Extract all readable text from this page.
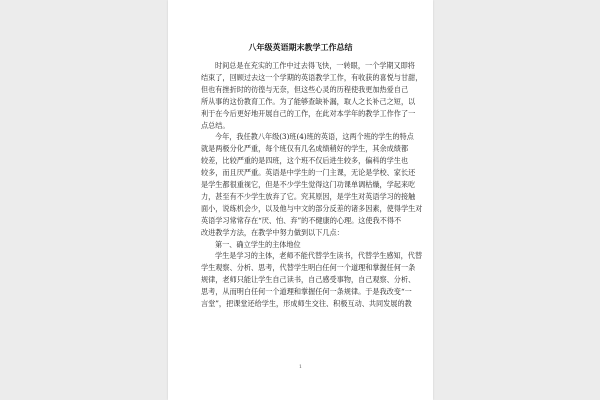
八年级英语期末教学工作总结
时间总是在充实的工作中过去得飞快，一转眼，一个学期又即将
结束了，回顾过去这一个学期的英语教学工作，有收获的喜悦与甘甜，
但也有挫折时的彷徨与无奈，但这些心灵的历程使我更加热爱自己
所从事的这份教育工作。为了能够查缺补漏，取人之长补己之短，以
利于在今后更好地开展自己的工作，在此对本学年的教学工作作了一
点总结。
今年，我任教八年级(3)班(4)班的英语，这两个班的学生的特点
就是两极分化严重，每个班仅有几名成绩稍好的学生，其余成绩都
较差，比较严重的是四班，这个班不仅后进生较多，偏科的学生也
较多，而且厌严重。英语是中学生的一门主课，无论是学校、家长还
是学生都很重视它，但是不少学生觉得这门功课单调枯燥，学起来吃
力，甚至有不少学生放弃了它。究其原因，是学生对英语学习的接触
面小，说练机会少，以及他与中文的部分反差的诸多因素，使得学生对
英语学习常常存在“厌、怕、弃”的不健康的心理。这使我不得不
改进教学方法，在教学中努力做到以下几点：
第一、确立学生的主体地位
学生是学习的主体，老师不能代替学生读书，代替学生感知，代替
学生观察、分析、思考，代替学生明白任何一个道理和掌握任何一条
规律，老师只能让学生自己读书，自己感受事物，自己观察、分析、
思考，从而明白任何一个道理和掌握任何一条规律。于是我改变“一
言堂”，把课堂还给学生，形成师生交往、积极互动、共同发展的教
1
